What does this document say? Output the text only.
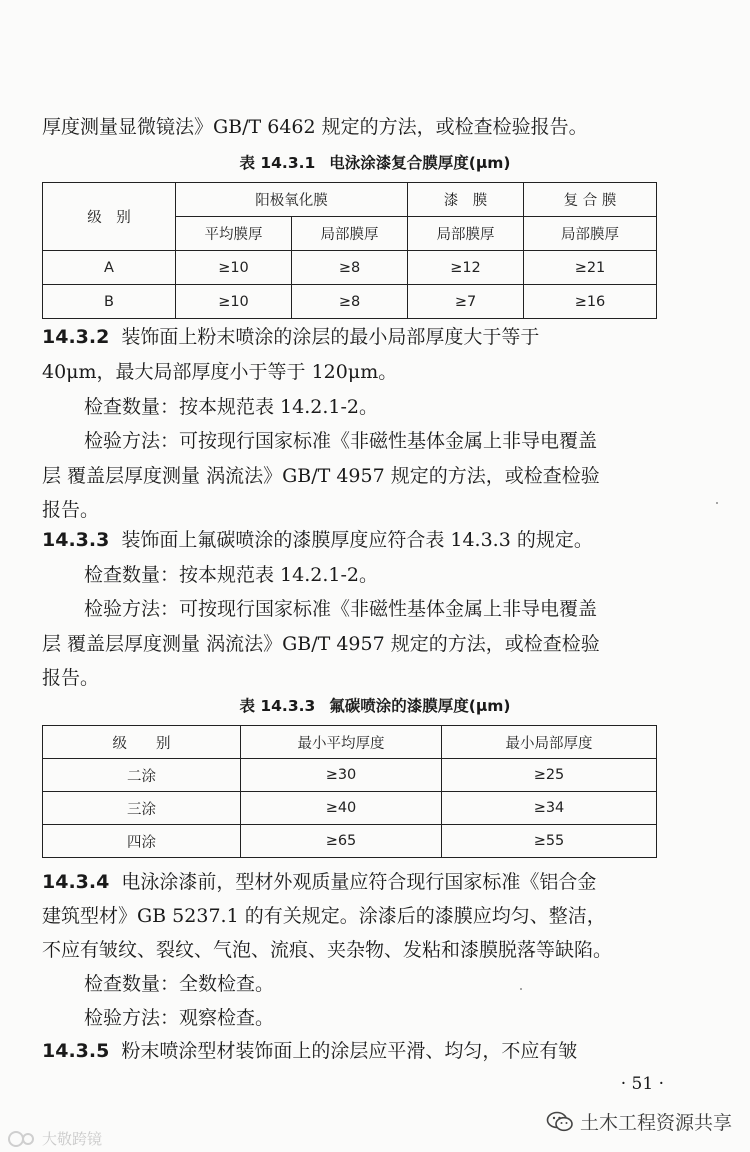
厚度测量显微镜法》GB/T 6462 规定的方法，或检查检验报告。
表 14.3.1 电泳涂漆复合膜厚度(μm)
级　别	阳极氧化膜		漆　膜	复 合 膜
	平均膜厚	局部膜厚	局部膜厚	局部膜厚
A	≥10	≥8	≥12	≥21
B	≥10	≥8	≥7	≥16
14.3.2 装饰面上粉末喷涂的涂层的最小局部厚度大于等于
40μm，最大局部厚度小于等于 120μm。
检查数量：按本规范表 14.2.1-2。
检验方法：可按现行国家标准《非磁性基体金属上非导电覆盖
层 覆盖层厚度测量 涡流法》GB/T 4957 规定的方法，或检查检验
报告。
14.3.3 装饰面上氟碳喷涂的漆膜厚度应符合表 14.3.3 的规定。
检查数量：按本规范表 14.2.1-2。
检验方法：可按现行国家标准《非磁性基体金属上非导电覆盖
层 覆盖层厚度测量 涡流法》GB/T 4957 规定的方法，或检查检验
报告。
表 14.3.3 氟碳喷涂的漆膜厚度(μm)
级　　别	最小平均厚度	最小局部厚度
二涂	≥30	≥25
三涂	≥40	≥34
四涂	≥65	≥55
14.3.4 电泳涂漆前，型材外观质量应符合现行国家标准《铝合金
建筑型材》GB 5237.1 的有关规定。涂漆后的漆膜应均匀、整洁，
不应有皱纹、裂纹、气泡、流痕、夹杂物、发粘和漆膜脱落等缺陷。
检查数量：全数检查。
检验方法：观察检查。
14.3.5 粉末喷涂型材装饰面上的涂层应平滑、均匀，不应有皱
· 51 ·
土木工程资源共享
大敬跨镜
